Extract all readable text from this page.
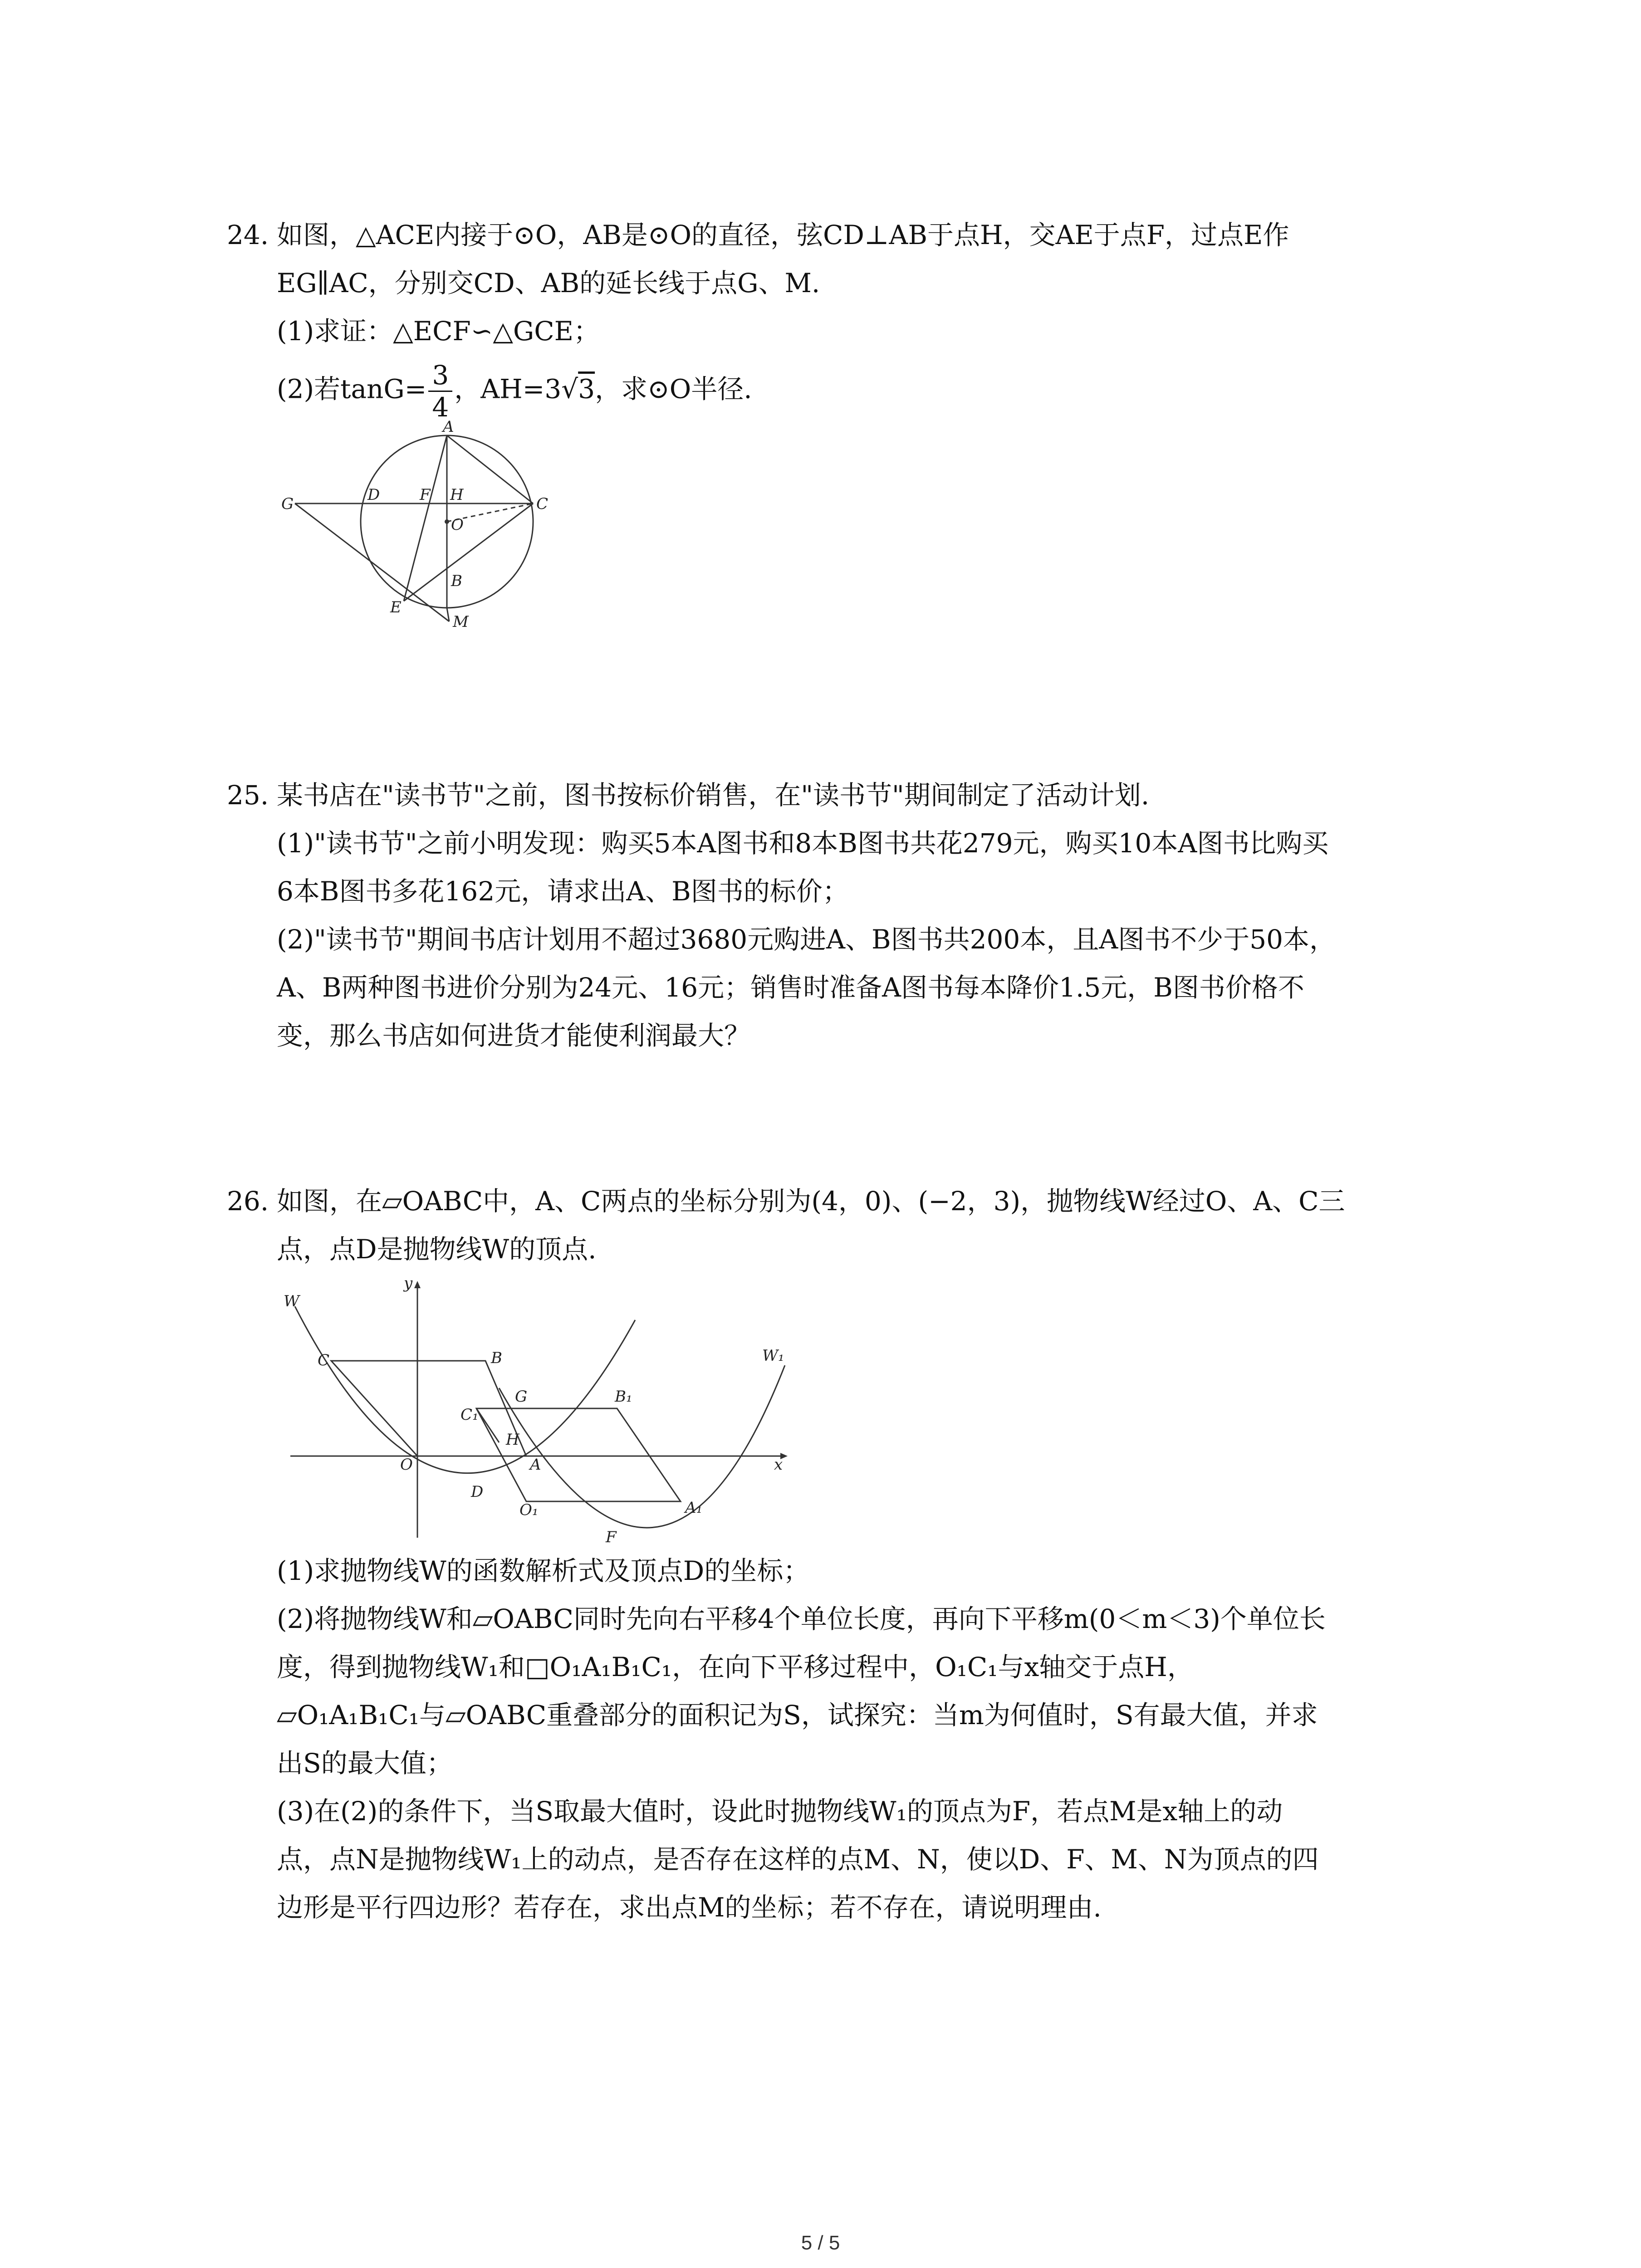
24. 如图，△ACE内接于⊙O，AB是⊙O的直径，弦CD⊥AB于点H，交AE于点F，过点E作
EG∥AC，分别交CD、AB的延长线于点G、M.
(1)求证：△ECF∽△GCE；
(2)若$\tan G= \frac{3}{4}$ ，AH=3√3，求⊙O半径.
A
G	D	F H	C
O
B
E
M
25. 某书店在"读书节"之前，图书按标价销售，在"读书节"期间制定了活动计划.
(1)"读书节"之前小明发现：购买5本A图书和8本B图书共花279元，购买10本A图书比购买
6本B图书多花162元，请求出A、B图书的标价；
(2)"读书节"期间书店计划用不超过3680元购进A、B图书共200本，且A图书不少于50本，
A、B两种图书进价分别为24元、16元；销售时准备A图书每本降价1.5元，B图书价格不
变，那么书店如何进货才能使利润最大？
26. 如图，在▱OABC中，A、C两点的坐标分别为(4，0)、(−2，3)，抛物线W经过O、A、C三
点，点D是抛物线W的顶点.
y
W
C	B
G	B₁
C₁
H
O	A
D
O₁	A₁
F
x
W₁
(1)求抛物线W的函数解析式及顶点D的坐标；
(2)将抛物线W和▱OABC同时先向右平移4个单位长度，再向下平移m(0＜m＜3)个单位长
度，得到抛物线W₁和□O₁A₁B₁C₁，在向下平移过程中，O₁C₁与x轴交于点H，
▱O₁A₁B₁C₁与▱OABC重叠部分的面积记为S，试探究：当m为何值时，S有最大值，并求
出S的最大值；
(3)在(2)的条件下，当S取最大值时，设此时抛物线W₁的顶点为F，若点M是x轴上的动
点，点N是抛物线W₁上的动点，是否存在这样的点M、N，使以D、F、M、N为顶点的四
边形是平行四边形？若存在，求出点M的坐标；若不存在，请说明理由.
5 / 5
